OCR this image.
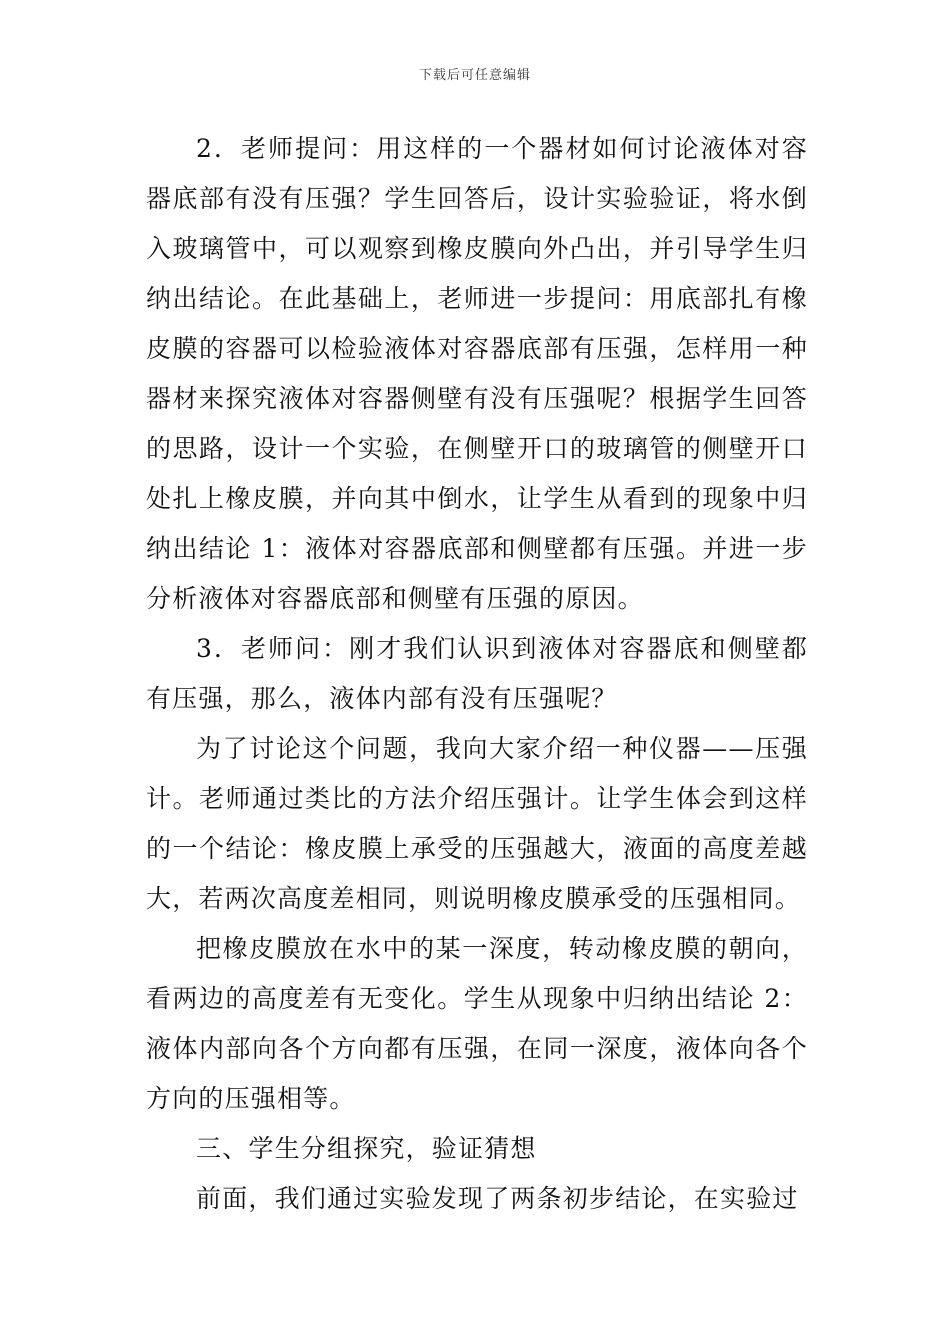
下载后可任意编辑

2．老师提问：用这样的一个器材如何讨论液体对容器底部有没有压强？学生回答后，设计实验验证，将水倒入玻璃管中，可以观察到橡皮膜向外凸出，并引导学生归纳出结论。在此基础上，老师进一步提问：用底部扎有橡皮膜的容器可以检验液体对容器底部有压强，怎样用一种器材来探究液体对容器侧壁有没有压强呢？根据学生回答的思路，设计一个实验，在侧壁开口的玻璃管的侧壁开口处扎上橡皮膜，并向其中倒水，让学生从看到的现象中归纳出结论 1：液体对容器底部和侧壁都有压强。并进一步分析液体对容器底部和侧壁有压强的原因。

3．老师问：刚才我们认识到液体对容器底和侧壁都有压强，那么，液体内部有没有压强呢？

为了讨论这个问题，我向大家介绍一种仪器——压强计。老师通过类比的方法介绍压强计。让学生体会到这样的一个结论：橡皮膜上承受的压强越大，液面的高度差越大，若两次高度差相同，则说明橡皮膜承受的压强相同。

把橡皮膜放在水中的某一深度，转动橡皮膜的朝向，看两边的高度差有无变化。学生从现象中归纳出结论 2：液体内部向各个方向都有压强，在同一深度，液体向各个方向的压强相等。

三、学生分组探究，验证猜想

前面，我们通过实验发现了两条初步结论，在实验过
